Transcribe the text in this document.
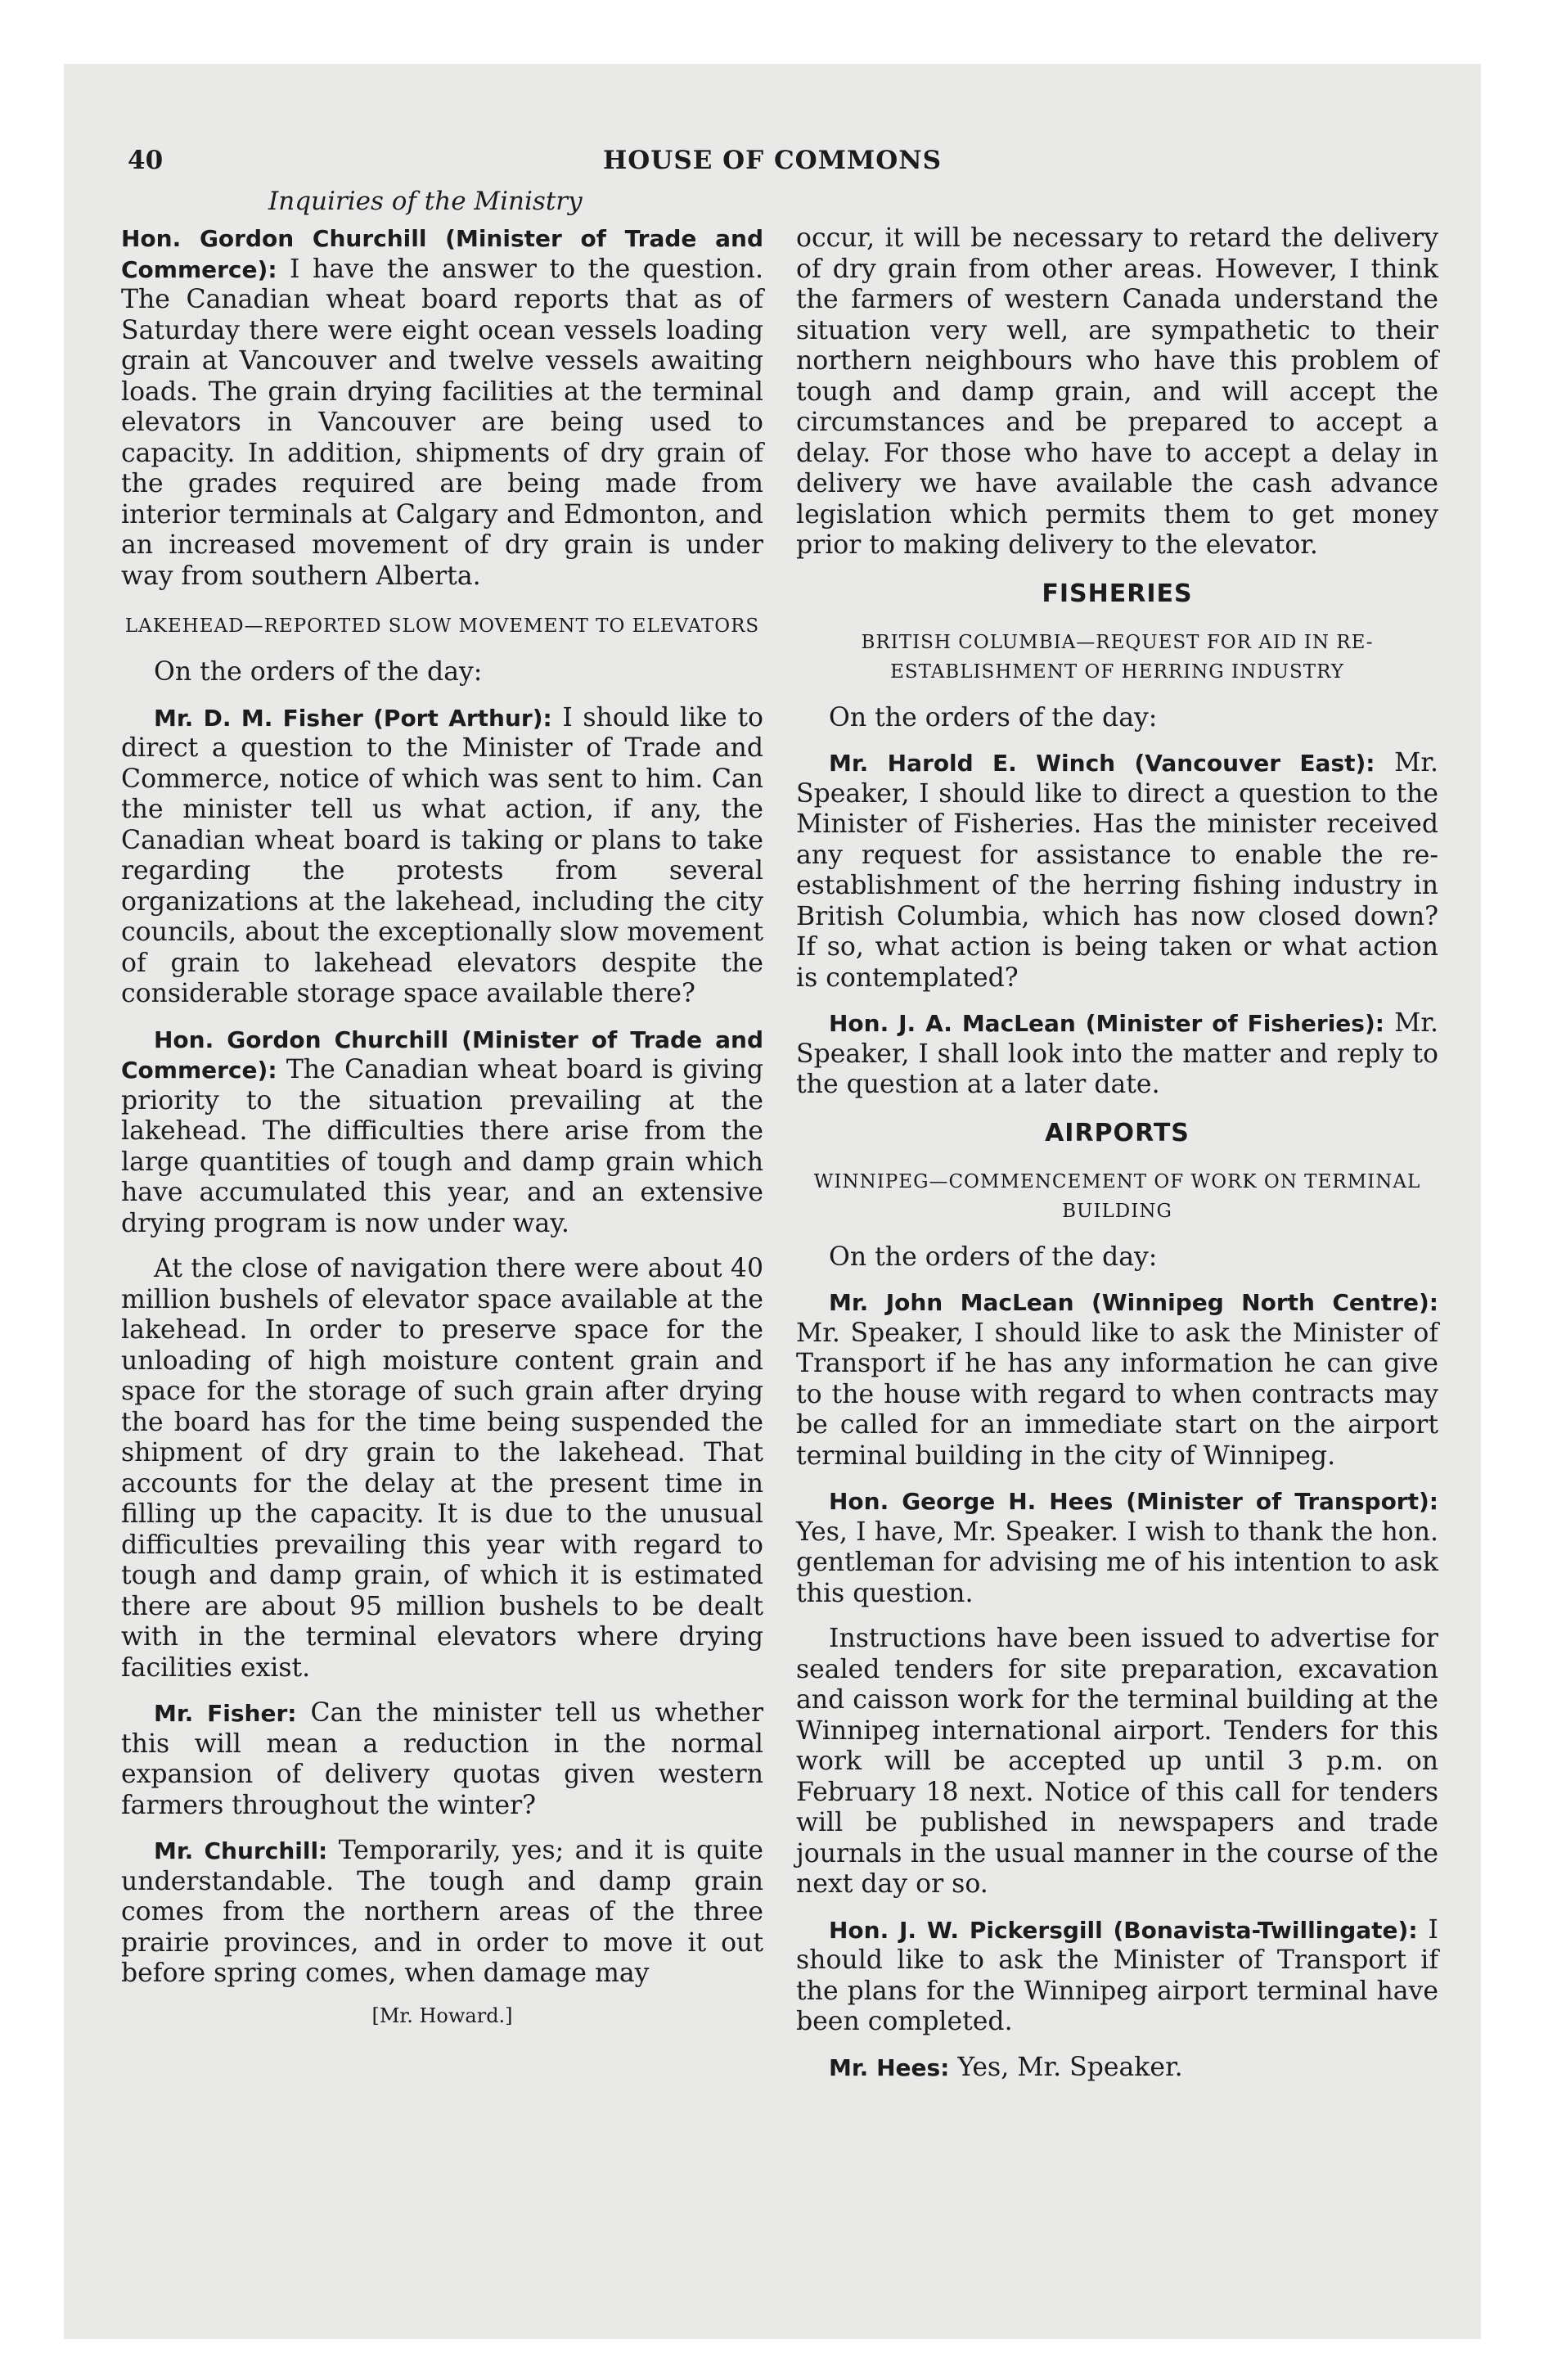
40	HOUSE OF COMMONS
Inquiries of the Ministry

Hon. Gordon Churchill (Minister of Trade and Commerce): I have the answer to the question. The Canadian wheat board reports that as of Saturday there were eight ocean vessels loading grain at Vancouver and twelve vessels awaiting loads. The grain drying facilities at the terminal elevators in Vancouver are being used to capacity. In addition, shipments of dry grain of the grades required are being made from interior terminals at Calgary and Edmonton, and an increased movement of dry grain is under way from southern Alberta.

LAKEHEAD—REPORTED SLOW MOVEMENT TO ELEVATORS

On the orders of the day:

Mr. D. M. Fisher (Port Arthur): I should like to direct a question to the Minister of Trade and Commerce, notice of which was sent to him. Can the minister tell us what action, if any, the Canadian wheat board is taking or plans to take regarding the protests from several organizations at the lakehead, including the city councils, about the exceptionally slow movement of grain to lakehead elevators despite the considerable storage space available there?

Hon. Gordon Churchill (Minister of Trade and Commerce): The Canadian wheat board is giving priority to the situation prevailing at the lakehead. The difficulties there arise from the large quantities of tough and damp grain which have accumulated this year, and an extensive drying program is now under way.

At the close of navigation there were about 40 million bushels of elevator space available at the lakehead. In order to preserve space for the unloading of high moisture content grain and space for the storage of such grain after drying the board has for the time being suspended the shipment of dry grain to the lakehead. That accounts for the delay at the present time in filling up the capacity. It is due to the unusual difficulties prevailing this year with regard to tough and damp grain, of which it is estimated there are about 95 million bushels to be dealt with in the terminal elevators where drying facilities exist.

Mr. Fisher: Can the minister tell us whether this will mean a reduction in the normal expansion of delivery quotas given western farmers throughout the winter?

Mr. Churchill: Temporarily, yes; and it is quite understandable. The tough and damp grain comes from the northern areas of the three prairie provinces, and in order to move it out before spring comes, when damage may

[Mr. Howard.]

occur, it will be necessary to retard the delivery of dry grain from other areas. However, I think the farmers of western Canada understand the situation very well, are sympathetic to their northern neighbours who have this problem of tough and damp grain, and will accept the circumstances and be prepared to accept a delay. For those who have to accept a delay in delivery we have available the cash advance legislation which permits them to get money prior to making delivery to the elevator.

FISHERIES
BRITISH COLUMBIA—REQUEST FOR AID IN RE-ESTABLISHMENT OF HERRING INDUSTRY

On the orders of the day:

Mr. Harold E. Winch (Vancouver East): Mr. Speaker, I should like to direct a question to the Minister of Fisheries. Has the minister received any request for assistance to enable the re-establishment of the herring fishing industry in British Columbia, which has now closed down? If so, what action is being taken or what action is contemplated?

Hon. J. A. MacLean (Minister of Fisheries): Mr. Speaker, I shall look into the matter and reply to the question at a later date.

AIRPORTS
WINNIPEG—COMMENCEMENT OF WORK ON TERMINAL BUILDING

On the orders of the day:

Mr. John MacLean (Winnipeg North Centre): Mr. Speaker, I should like to ask the Minister of Transport if he has any information he can give to the house with regard to when contracts may be called for an immediate start on the airport terminal building in the city of Winnipeg.

Hon. George H. Hees (Minister of Transport): Yes, I have, Mr. Speaker. I wish to thank the hon. gentleman for advising me of his intention to ask this question.

Instructions have been issued to advertise for sealed tenders for site preparation, excavation and caisson work for the terminal building at the Winnipeg international airport. Tenders for this work will be accepted up until 3 p.m. on February 18 next. Notice of this call for tenders will be published in newspapers and trade journals in the usual manner in the course of the next day or so.

Hon. J. W. Pickersgill (Bonavista-Twillingate): I should like to ask the Minister of Transport if the plans for the Winnipeg airport terminal have been completed.

Mr. Hees: Yes, Mr. Speaker.
